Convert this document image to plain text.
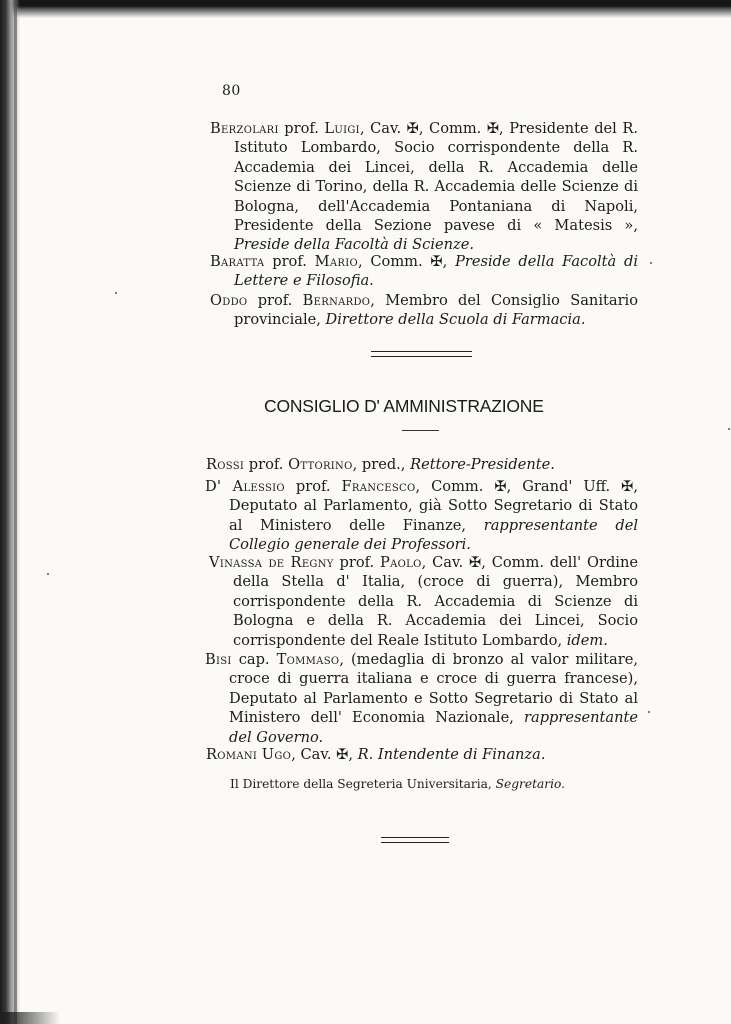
80

Berzolari prof. Luigi, Cav. ✠, Comm. ✠, Presidente del R. Istituto Lombardo, Socio corrispondente della R. Accademia dei Lincei, della R. Accademia delle Scienze di Torino, della R. Accademia delle Scienze di Bologna, dell'Accademia Pontaniana di Napoli, Presidente della Sezione pavese di « Matesis », Preside della Facoltà di Scienze.

Baratta prof. Mario, Comm. ✠, Preside della Facoltà di Lettere e Filosofia.

Oddo prof. Bernardo, Membro del Consiglio Sanitario provinciale, Direttore della Scuola di Farmacia.

CONSIGLIO D' AMMINISTRAZIONE

Rossi prof. Ottorino, pred., Rettore-Presidente.

D' Alessio prof. Francesco, Comm. ✠, Grand' Uff. ✠, Deputato al Parlamento, già Sotto Segretario di Stato al Ministero delle Finanze, rappresentante del Collegio generale dei Professori.

Vinassa de Regny prof. Paolo, Cav. ✠, Comm. dell' Ordine della Stella d' Italia, (croce di guerra), Membro corrispondente della R. Accademia di Scienze di Bologna e della R. Accademia dei Lincei, Socio corrispondente del Reale Istituto Lombardo, idem.

Bisi cap. Tommaso, (medaglia di bronzo al valor militare, croce di guerra italiana e croce di guerra francese), Deputato al Parlamento e Sotto Segretario di Stato al Ministero dell' Economia Nazionale, rappresentante del Governo.

Romani Ugo, Cav. ✠, R. Intendente di Finanza.

Il Direttore della Segreteria Universitaria, Segretario.
